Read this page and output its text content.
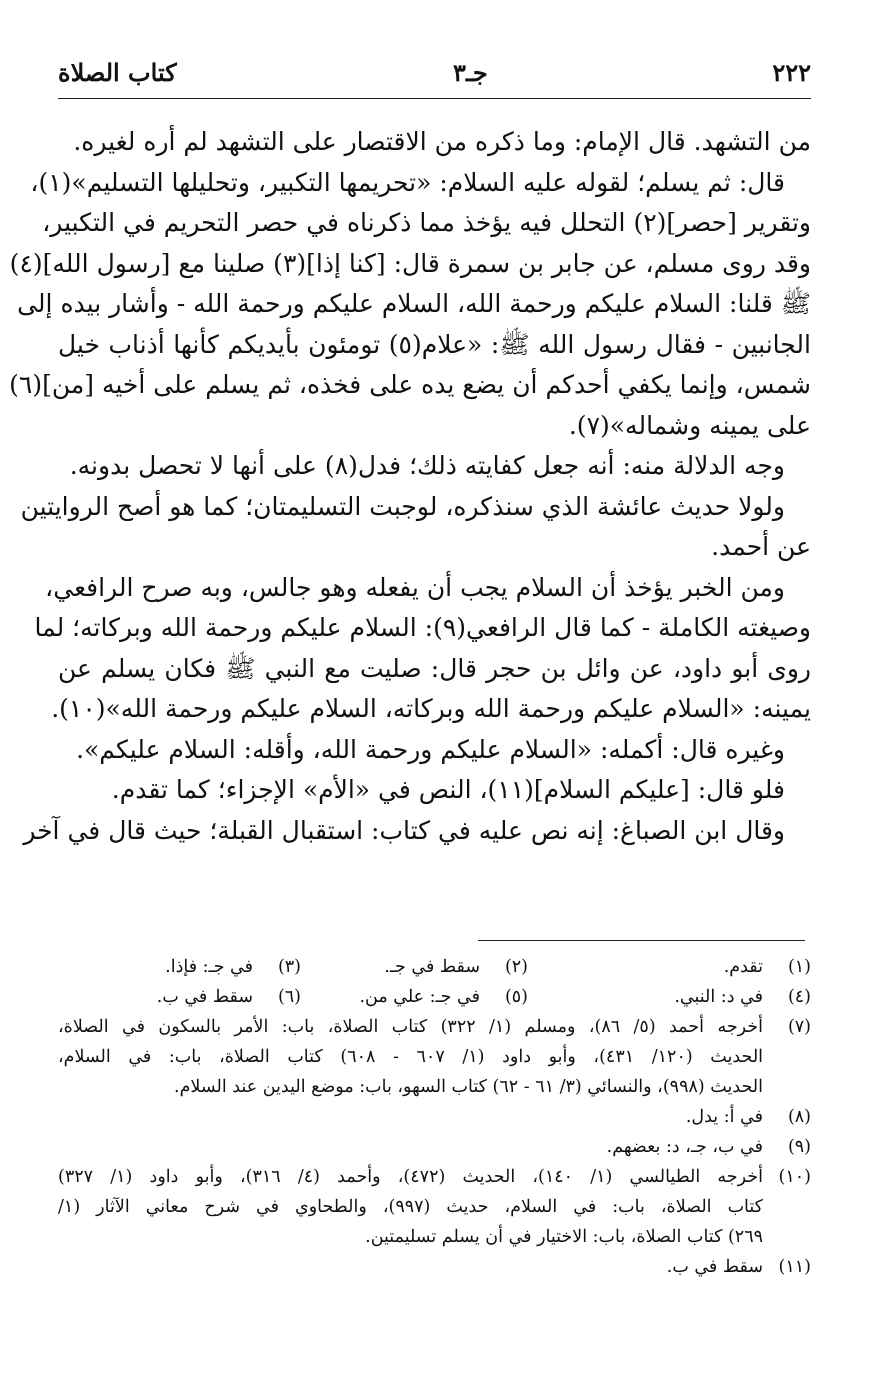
٢٢٢
جـ٣
كتاب الصلاة

من التشهد. قال الإمام: وما ذكره من الاقتصار على التشهد لم أره لغيره.

قال: ثم يسلم؛ لقوله عليه السلام: «تحريمها التكبير، وتحليلها التسليم»(١)،
وتقرير [حصر](٢) التحلل فيه يؤخذ مما ذكرناه في حصر التحريم في التكبير،
وقد روى مسلم، عن جابر بن سمرة قال: [كنا إذا](٣) صلينا مع [رسول الله](٤)
ﷺ قلنا: السلام عليكم ورحمة الله، السلام عليكم ورحمة الله - وأشار بيده إلى
الجانبين - فقال رسول الله ﷺ: «علام(٥) تومئون بأيديكم كأنها أذناب خيل
شمس، وإنما يكفي أحدكم أن يضع يده على فخذه، ثم يسلم على أخيه [من](٦)
على يمينه وشماله»(٧).

وجه الدلالة منه: أنه جعل كفايته ذلك؛ فدل(٨) على أنها لا تحصل بدونه.

ولولا حديث عائشة الذي سنذكره، لوجبت التسليمتان؛ كما هو أصح الروايتين
عن أحمد.

ومن الخبر يؤخذ أن السلام يجب أن يفعله وهو جالس، وبه صرح الرافعي،
وصيغته الكاملة - كما قال الرافعي(٩): السلام عليكم ورحمة الله وبركاته؛ لما
روى أبو داود، عن وائل بن حجر قال: صليت مع النبي ﷺ فكان يسلم عن
يمينه: «السلام عليكم ورحمة الله وبركاته، السلام عليكم ورحمة الله»(١٠).

وغيره قال: أكمله: «السلام عليكم ورحمة الله، وأقله: السلام عليكم».

فلو قال: [عليكم السلام](١١)، النص في «الأم» الإجزاء؛ كما تقدم.

وقال ابن الصباغ: إنه نص عليه في كتاب: استقبال القبلة؛ حيث قال في آخر

(١)
تقدم.
(٢)
سقط في جـ.
(٣)
في جـ: فإذا.
(٤)
في د: النبي.
(٥)
في جـ: علي من.
(٦)
سقط في ب.
(٧)
أخرجه أحمد (٥/ ٨٦)، ومسلم (١/ ٣٢٢) كتاب الصلاة، باب: الأمر بالسكون في الصلاة،
الحديث (١٢٠/ ٤٣١)، وأبو داود (١/ ٦٠٧ - ٦٠٨) كتاب الصلاة، باب: في السلام،
الحديث (٩٩٨)، والنسائي (٣/ ٦١ - ٦٢) كتاب السهو، باب: موضع اليدين عند السلام.
(٨)
في أ: يدل.
(٩)
في ب، جـ، د: بعضهم.
(١٠)
أخرجه الطيالسي (١/ ١٤٠)، الحديث (٤٧٢)، وأحمد (٤/ ٣١٦)، وأبو داود (١/ ٣٢٧)
كتاب الصلاة، باب: في السلام، حديث (٩٩٧)، والطحاوي في شرح معاني الآثار (١/
٢٦٩) كتاب الصلاة، باب: الاختيار في أن يسلم تسليمتين.
(١١)
سقط في ب.
